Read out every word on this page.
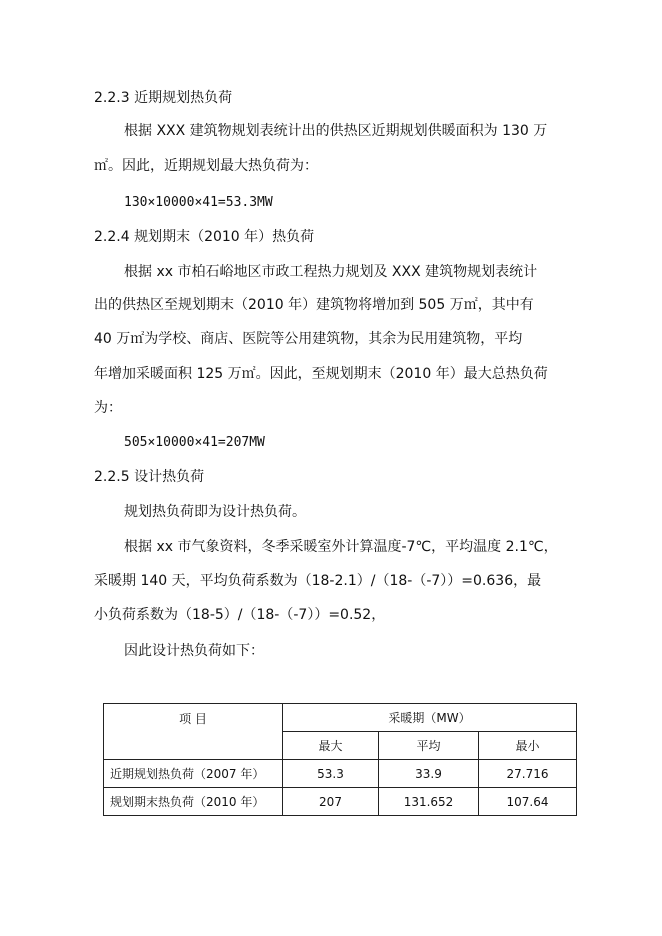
2.2.3 近期规划热负荷
根据 XXX 建筑物规划表统计出的供热区近期规划供暖面积为 130 万
㎡。因此，近期规划最大热负荷为：
130×10000×41=53.3MW
2.2.4 规划期末（2010 年）热负荷
根据 xx 市柏石峪地区市政工程热力规划及 XXX 建筑物规划表统计
出的供热区至规划期末（2010 年）建筑物将增加到 505 万㎡，其中有
40 万㎡为学校、商店、医院等公用建筑物，其余为民用建筑物，平均
年增加采暖面积 125 万㎡。因此，至规划期末（2010 年）最大总热负荷
为：
505×10000×41=207MW
2.2.5 设计热负荷
规划热负荷即为设计热负荷。
根据 xx 市气象资料，冬季采暖室外计算温度-7℃，平均温度 2.1℃，
采暖期 140 天，平均负荷系数为（18-2.1）/（18-（-7））=0.636，最
小负荷系数为（18-5）/（18-（-7））=0.52，
因此设计热负荷如下：
项 目	采暖期（MW）		
	最大	平均	最小
近期规划热负荷（2007 年）	53.3	33.9	27.716
规划期末热负荷（2010 年）	207	131.652	107.64
